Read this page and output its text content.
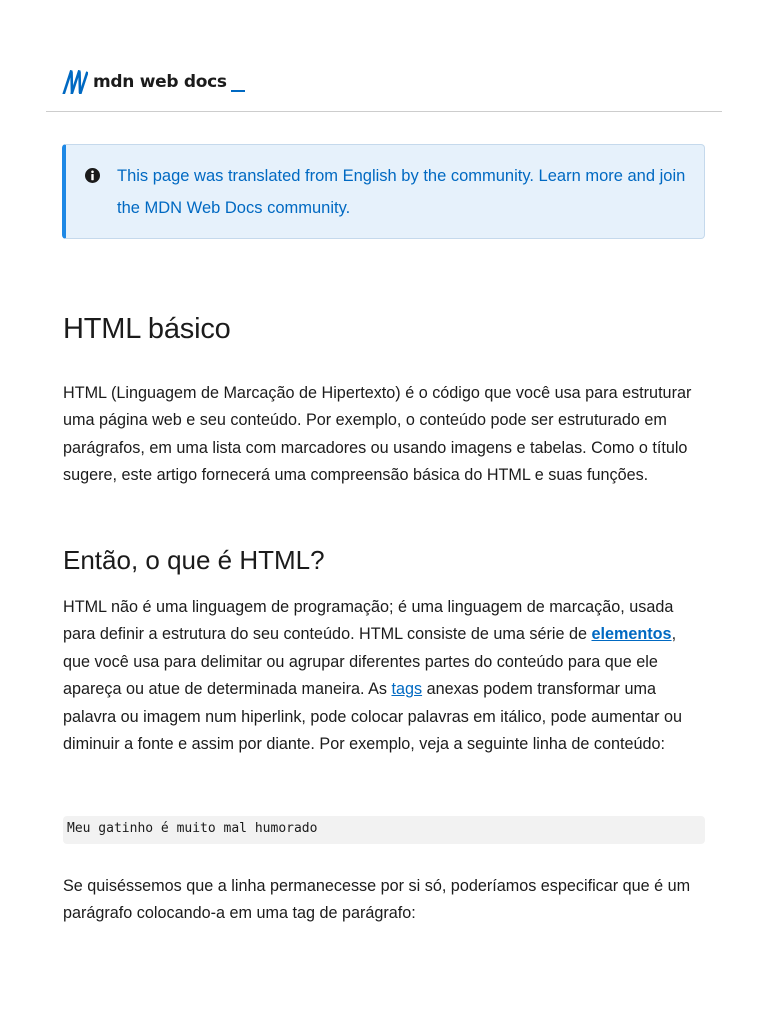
mdn web docs
This page was translated from English by the community. Learn more and join the MDN Web Docs community.
HTML básico

HTML (Linguagem de Marcação de Hipertexto) é o código que você usa para estruturar uma página web e seu conteúdo. Por exemplo, o conteúdo pode ser estruturado em parágrafos, em uma lista com marcadores ou usando imagens e tabelas. Como o título sugere, este artigo fornecerá uma compreensão básica do HTML e suas funções.

Então, o que é HTML?

HTML não é uma linguagem de programação; é uma linguagem de marcação, usada para definir a estrutura do seu conteúdo. HTML consiste de uma série de elementos, que você usa para delimitar ou agrupar diferentes partes do conteúdo para que ele apareça ou atue de determinada maneira. As tags anexas podem transformar uma palavra ou imagem num hiperlink, pode colocar palavras em itálico, pode aumentar ou diminuir a fonte e assim por diante. Por exemplo, veja a seguinte linha de conteúdo:

Meu gatinho é muito mal humorado

Se quiséssemos que a linha permanecesse por si só, poderíamos especificar que é um parágrafo colocando-a em uma tag de parágrafo:
